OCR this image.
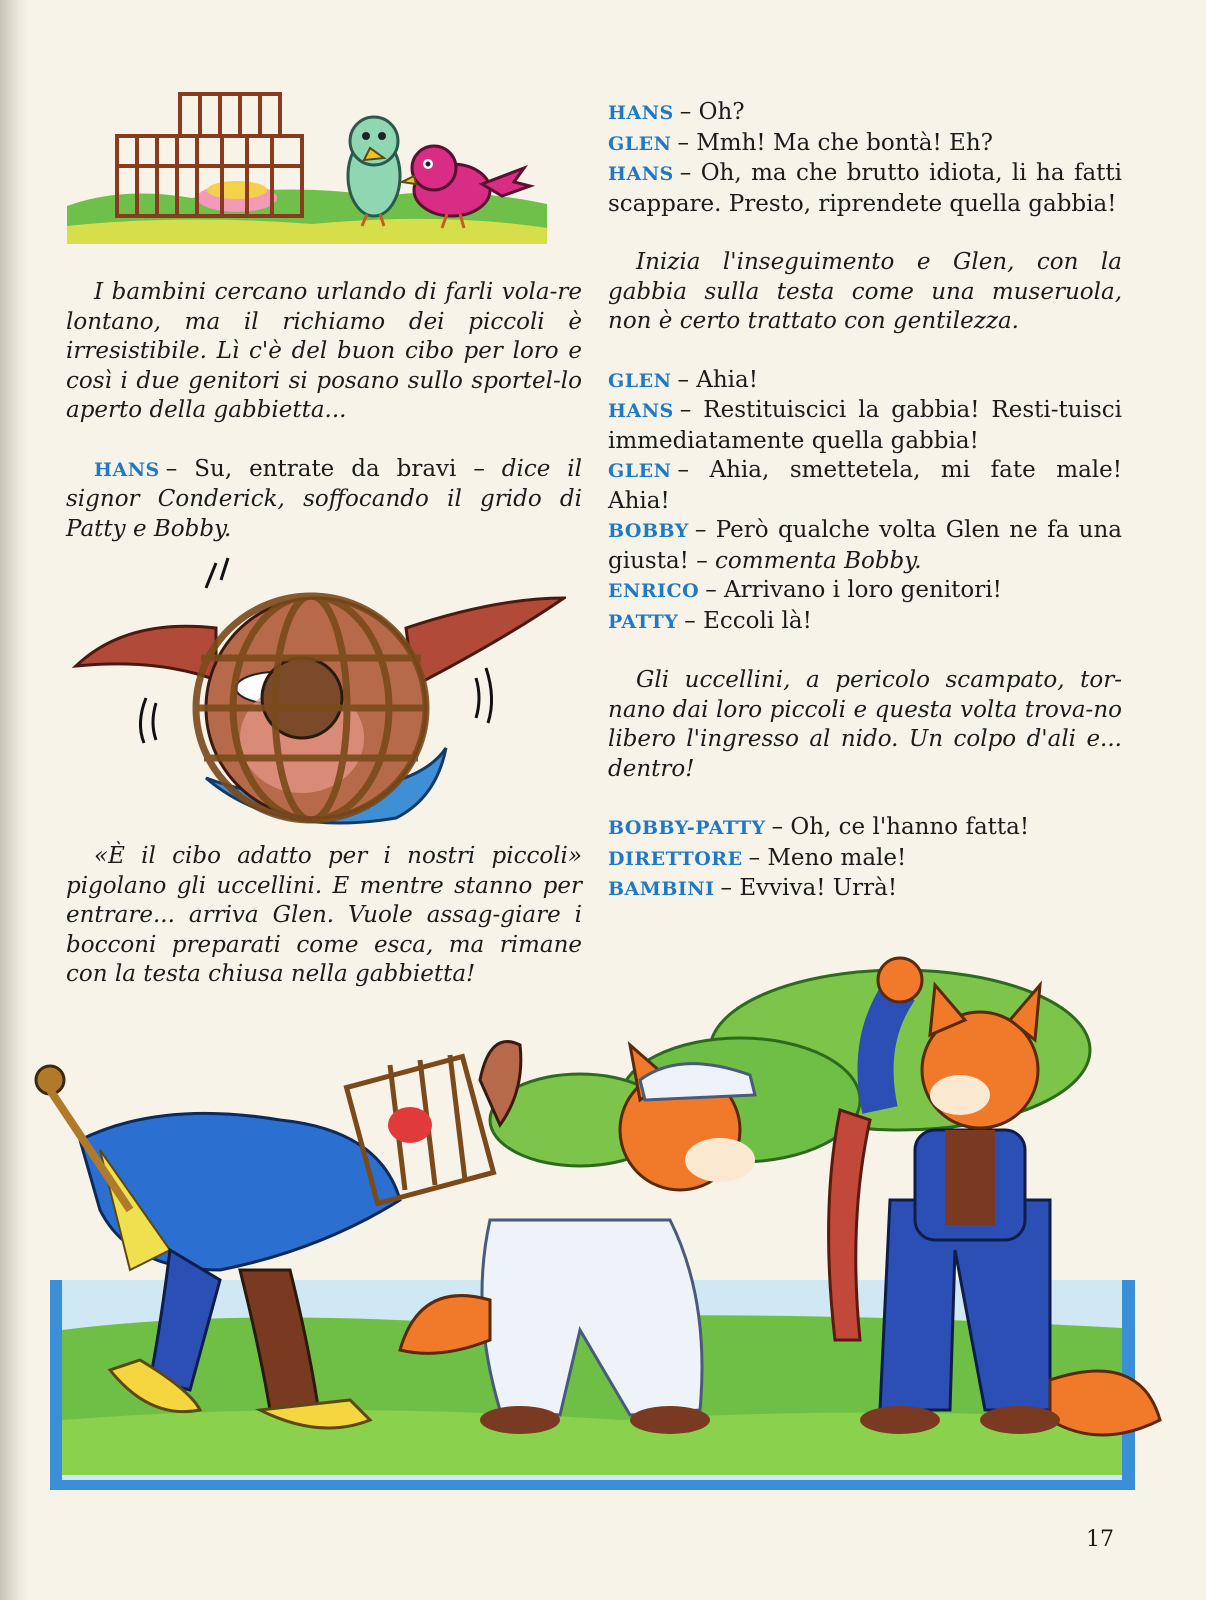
I bambini cercano urlando di farli vola-re lontano, ma il richiamo dei piccoli è irresistibile. Lì c'è del buon cibo per loro e così i due genitori si posano sullo sportel-lo aperto della gabbietta...

HANS – Su, entrate da bravi – dice il signor Conderick, soffocando il grido di Patty e Bobby.

«È il cibo adatto per i nostri piccoli» pigolano gli uccellini. E mentre stanno per entrare... arriva Glen. Vuole assag-giare i bocconi preparati come esca, ma rimane con la testa chiusa nella gabbietta!

HANS – Oh?

GLEN – Mmh! Ma che bontà! Eh?

HANS – Oh, ma che brutto idiota, li ha fatti scappare. Presto, riprendete quella gabbia!

Inizia l'inseguimento e Glen, con la gabbia sulla testa come una museruola, non è certo trattato con gentilezza.

GLEN – Ahia!

HANS – Restituiscici la gabbia! Resti-tuisci immediatamente quella gabbia!

GLEN – Ahia, smettetela, mi fate male! Ahia!

BOBBY – Però qualche volta Glen ne fa una giusta! – commenta Bobby.

ENRICO – Arrivano i loro genitori!

PATTY – Eccoli là!

Gli uccellini, a pericolo scampato, tor-nano dai loro piccoli e questa volta trova-no libero l'ingresso al nido. Un colpo d'ali e... dentro!

BOBBY-PATTY – Oh, ce l'hanno fatta!

DIRETTORE – Meno male!

BAMBINI – Evviva! Urrà!

17
